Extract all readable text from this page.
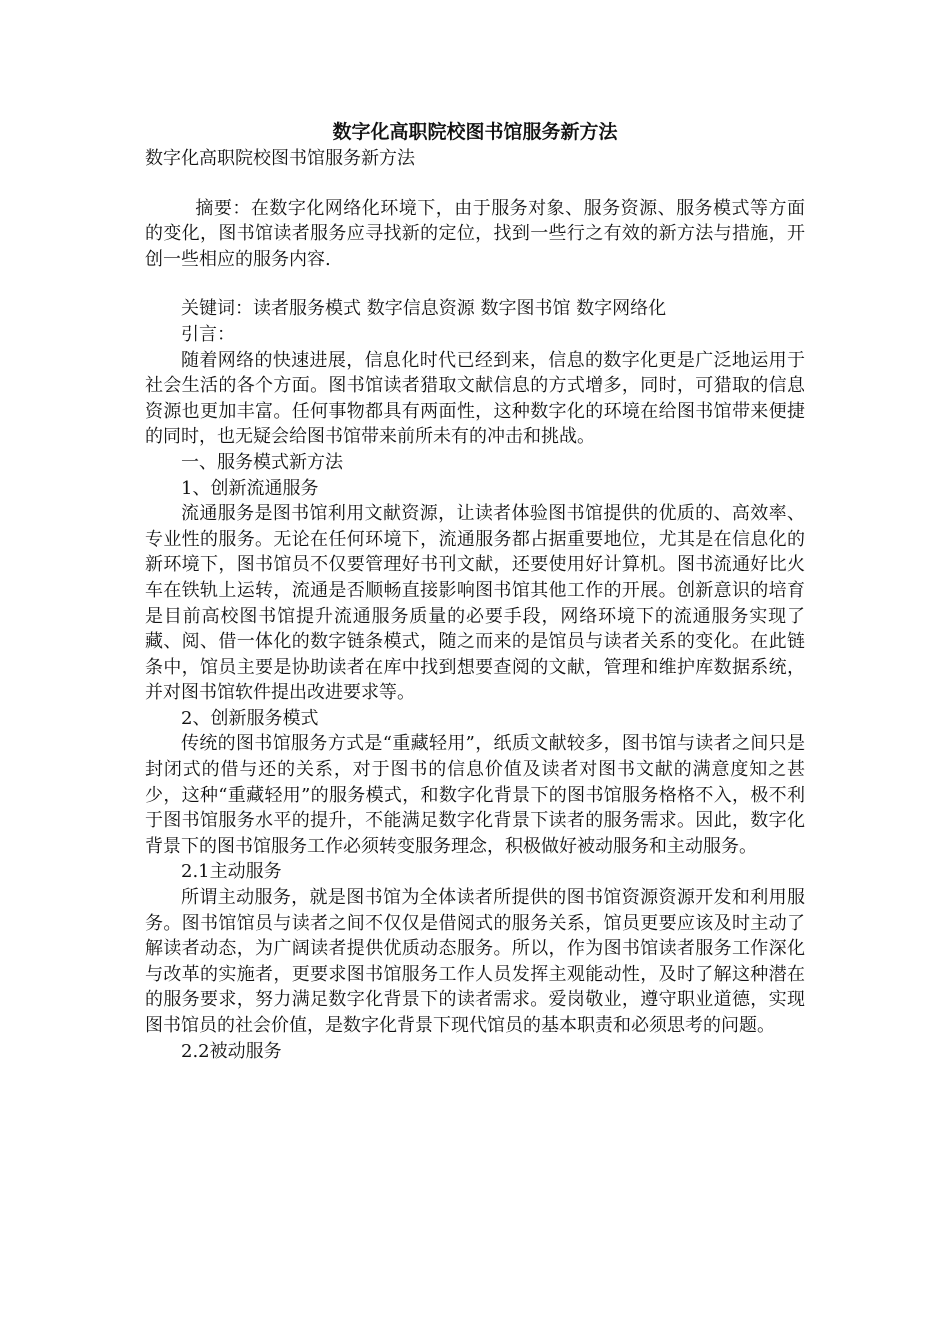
数字化高职院校图书馆服务新方法

数字化高职院校图书馆服务新方法

摘要：在数字化网络化环境下，由于服务对象、服务资源、服务模式等方面的变化，图书馆读者服务应寻找新的定位，找到一些行之有效的新方法与措施，开创一些相应的服务内容.

关键词：读者服务模式 数字信息资源 数字图书馆 数字网络化

引言：

随着网络的快速进展，信息化时代已经到来，信息的数字化更是广泛地运用于社会生活的各个方面。图书馆读者猎取文献信息的方式增多，同时，可猎取的信息资源也更加丰富。任何事物都具有两面性，这种数字化的环境在给图书馆带来便捷的同时，也无疑会给图书馆带来前所未有的冲击和挑战。

一、服务模式新方法

1、创新流通服务

流通服务是图书馆利用文献资源，让读者体验图书馆提供的优质的、高效率、专业性的服务。无论在任何环境下，流通服务都占据重要地位，尤其是在信息化的新环境下，图书馆员不仅要管理好书刊文献，还要使用好计算机。图书流通好比火车在铁轨上运转，流通是否顺畅直接影响图书馆其他工作的开展。创新意识的培育是目前高校图书馆提升流通服务质量的必要手段，网络环境下的流通服务实现了藏、阅、借一体化的数字链条模式，随之而来的是馆员与读者关系的变化。在此链条中，馆员主要是协助读者在库中找到想要查阅的文献，管理和维护库数据系统，并对图书馆软件提出改进要求等。

2、创新服务模式

传统的图书馆服务方式是“重藏轻用”，纸质文献较多，图书馆与读者之间只是封闭式的借与还的关系，对于图书的信息价值及读者对图书文献的满意度知之甚少，这种“重藏轻用”的服务模式，和数字化背景下的图书馆服务格格不入，极不利于图书馆服务水平的提升，不能满足数字化背景下读者的服务需求。因此，数字化背景下的图书馆服务工作必须转变服务理念，积极做好被动服务和主动服务。

2.1主动服务

所谓主动服务，就是图书馆为全体读者所提供的图书馆资源资源开发和利用服务。图书馆馆员与读者之间不仅仅是借阅式的服务关系，馆员更要应该及时主动了解读者动态，为广阔读者提供优质动态服务。所以，作为图书馆读者服务工作深化与改革的实施者，更要求图书馆服务工作人员发挥主观能动性，及时了解这种潜在的服务要求，努力满足数字化背景下的读者需求。爱岗敬业，遵守职业道德，实现图书馆员的社会价值，是数字化背景下现代馆员的基本职责和必须思考的问题。

2.2被动服务
